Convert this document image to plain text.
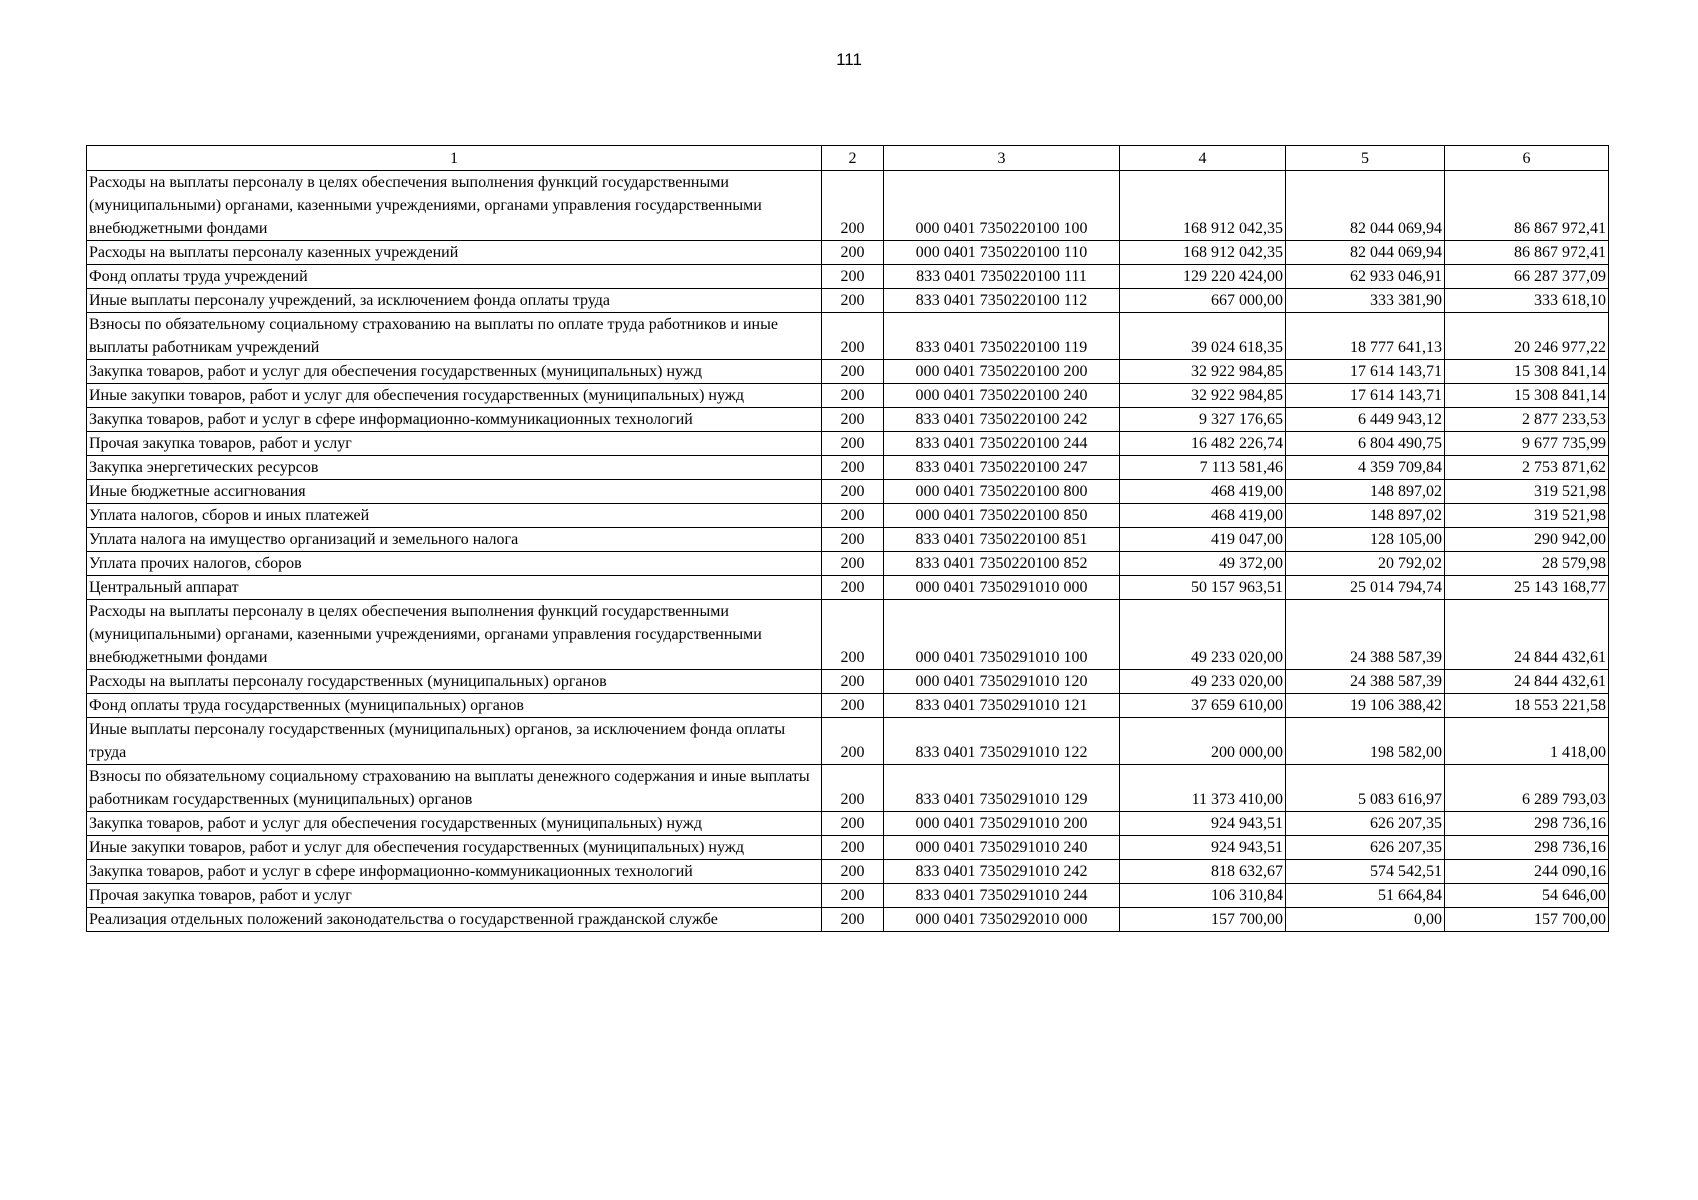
111
1	2	3	4	5	6
Расходы на выплаты персоналу в целях обеспечения выполнения функций государственными (муниципальными) органами, казенными учреждениями, органами управления государственными внебюджетными фондами	200	000 0401 7350220100 100	168 912 042,35	82 044 069,94	86 867 972,41
Расходы на выплаты персоналу казенных учреждений	200	000 0401 7350220100 110	168 912 042,35	82 044 069,94	86 867 972,41
Фонд оплаты труда учреждений	200	833 0401 7350220100 111	129 220 424,00	62 933 046,91	66 287 377,09
Иные выплаты персоналу учреждений, за исключением фонда оплаты труда	200	833 0401 7350220100 112	667 000,00	333 381,90	333 618,10
Взносы по обязательному социальному страхованию на выплаты по оплате труда работников и иные выплаты работникам учреждений	200	833 0401 7350220100 119	39 024 618,35	18 777 641,13	20 246 977,22
Закупка товаров, работ и услуг для обеспечения государственных (муниципальных) нужд	200	000 0401 7350220100 200	32 922 984,85	17 614 143,71	15 308 841,14
Иные закупки товаров, работ и услуг для обеспечения государственных (муниципальных) нужд	200	000 0401 7350220100 240	32 922 984,85	17 614 143,71	15 308 841,14
Закупка товаров, работ и услуг в сфере информационно-коммуникационных технологий	200	833 0401 7350220100 242	9 327 176,65	6 449 943,12	2 877 233,53
Прочая закупка товаров, работ и услуг	200	833 0401 7350220100 244	16 482 226,74	6 804 490,75	9 677 735,99
Закупка энергетических ресурсов	200	833 0401 7350220100 247	7 113 581,46	4 359 709,84	2 753 871,62
Иные бюджетные ассигнования	200	000 0401 7350220100 800	468 419,00	148 897,02	319 521,98
Уплата налогов, сборов и иных платежей	200	000 0401 7350220100 850	468 419,00	148 897,02	319 521,98
Уплата налога на имущество организаций и земельного налога	200	833 0401 7350220100 851	419 047,00	128 105,00	290 942,00
Уплата прочих налогов, сборов	200	833 0401 7350220100 852	49 372,00	20 792,02	28 579,98
Центральный аппарат	200	000 0401 7350291010 000	50 157 963,51	25 014 794,74	25 143 168,77
Расходы на выплаты персоналу в целях обеспечения выполнения функций государственными (муниципальными) органами, казенными учреждениями, органами управления государственными внебюджетными фондами	200	000 0401 7350291010 100	49 233 020,00	24 388 587,39	24 844 432,61
Расходы на выплаты персоналу государственных (муниципальных) органов	200	000 0401 7350291010 120	49 233 020,00	24 388 587,39	24 844 432,61
Фонд оплаты труда государственных (муниципальных) органов	200	833 0401 7350291010 121	37 659 610,00	19 106 388,42	18 553 221,58
Иные выплаты персоналу государственных (муниципальных) органов, за исключением фонда оплаты труда	200	833 0401 7350291010 122	200 000,00	198 582,00	1 418,00
Взносы по обязательному социальному страхованию на выплаты денежного содержания и иные выплаты работникам государственных (муниципальных) органов	200	833 0401 7350291010 129	11 373 410,00	5 083 616,97	6 289 793,03
Закупка товаров, работ и услуг для обеспечения государственных (муниципальных) нужд	200	000 0401 7350291010 200	924 943,51	626 207,35	298 736,16
Иные закупки товаров, работ и услуг для обеспечения государственных (муниципальных) нужд	200	000 0401 7350291010 240	924 943,51	626 207,35	298 736,16
Закупка товаров, работ и услуг в сфере информационно-коммуникационных технологий	200	833 0401 7350291010 242	818 632,67	574 542,51	244 090,16
Прочая закупка товаров, работ и услуг	200	833 0401 7350291010 244	106 310,84	51 664,84	54 646,00
Реализация отдельных положений законодательства о государственной гражданской службе	200	000 0401 7350292010 000	157 700,00	0,00	157 700,00
